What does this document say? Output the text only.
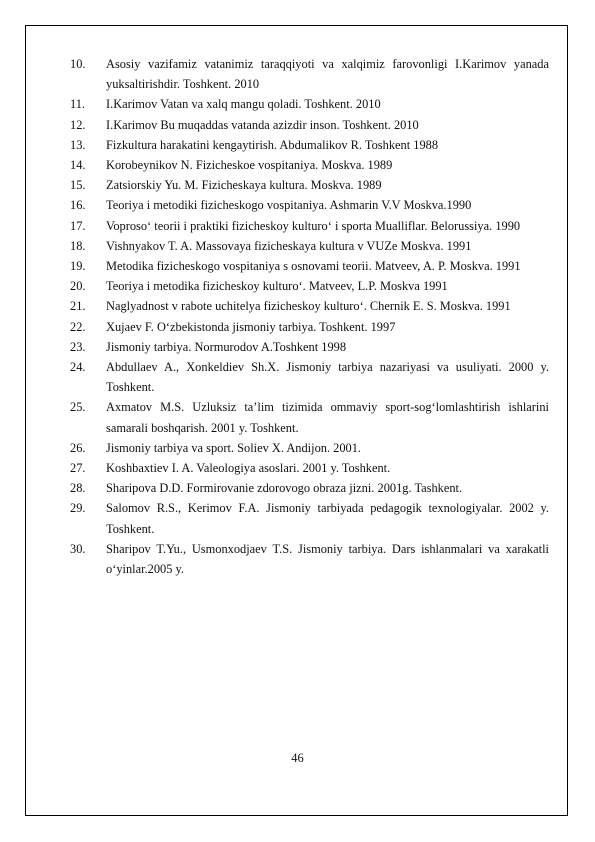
10.	Asosiy vazifamiz vatanimiz taraqqiyoti va xalqimiz farovonligi I.Karimov yanada yuksaltirishdir. Toshkent. 2010
11.	I.Karimov Vatan va xalq mangu qoladi. Toshkent. 2010
12.	I.Karimov Bu muqaddas vatanda azizdir inson. Toshkent. 2010
13.	Fizkultura harakatini kengaytirish. Abdumalikov R. Toshkent 1988
14.	Korobeynikov N. Fizicheskoe vospitaniya. Moskva. 1989
15.	Zatsiorskiy Yu. M. Fizicheskaya kultura. Moskva. 1989
16.	Teoriya i metodiki fizicheskogo vospitaniya. Ashmarin V.V Moskva.1990
17.	Voproso‘ teorii i praktiki fizicheskoy kulturo‘ i sporta Mualliflar. Belorussiya. 1990
18.	Vishnyakov T. A. Massovaya fizicheskaya kultura v VUZe Moskva. 1991
19.	Metodika fizicheskogo vospitaniya s osnovami teorii. Matveev, A. P. Moskva. 1991
20.	Teoriya i metodika fizicheskoy kulturo‘. Matveev, L.P. Moskva 1991
21.	Naglyadnost v rabote uchitelya fizicheskoy kulturo‘. Chernik E. S. Moskva. 1991
22.	Xujaev F. O‘zbekistonda jismoniy tarbiya. Toshkent. 1997
23.	Jismoniy tarbiya. Normurodov A.Toshkent 1998
24.	Abdullaev A., Xonkeldiev Sh.X. Jismoniy tarbiya nazariyasi va usuliyati. 2000 y. Toshkent.
25.	Axmatov M.S. Uzluksiz ta’lim tizimida ommaviy sport-sog‘lomlashtirish ishlarini samarali boshqarish. 2001 y. Toshkent.
26.	Jismoniy tarbiya va sport. Soliev X. Andijon. 2001.
27.	Koshbaxtiev I. A. Valeologiya asoslari. 2001 y. Toshkent.
28.	Sharipova D.D. Formirovanie zdorovogo obraza jizni. 2001g. Tashkent.
29.	Salomov R.S., Kerimov F.A. Jismoniy tarbiyada pedagogik texnologiyalar. 2002 y. Toshkent.
30.	Sharipov T.Yu., Usmonxodjaev T.S. Jismoniy tarbiya. Dars ishlanmalari va xarakatli o‘yinlar.2005 y.
46
